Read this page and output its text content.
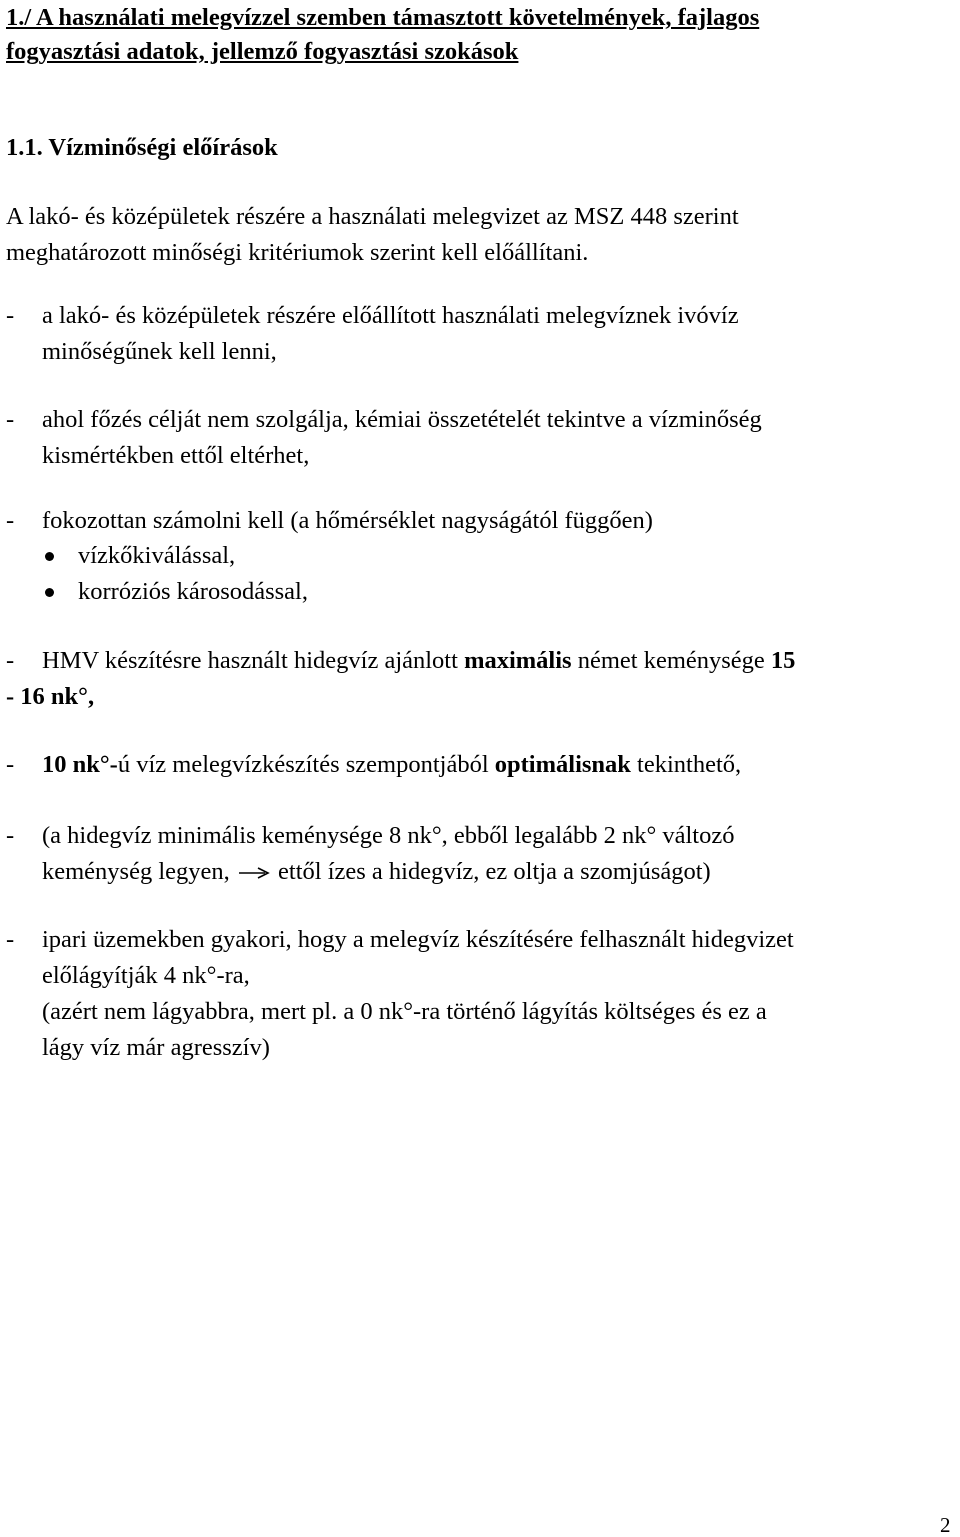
1./ A használati melegvízzel szemben támasztott követelmények, fajlagos
fogyasztási adatok, jellemző fogyasztási szokások
1.1. Vízminőségi előírások
A lakó- és középületek részére a használati melegvizet az MSZ 448 szerint
meghatározott minőségi kritériumok szerint kell előállítani.
- a lakó- és középületek részére előállított használati melegvíznek ivóvíz
minőségűnek kell lenni,
- ahol főzés célját nem szolgálja, kémiai összetételét tekintve a vízminőség
kismértékben ettől eltérhet,
- fokozottan számolni kell (a hőmérséklet nagyságától függően)
vízkőkiválással,
korróziós károsodással,
- HMV készítésre használt hidegvíz ajánlott maximális német keménysége 15
- 16 nk°,
- 10 nk°-ú víz melegvízkészítés szempontjából optimálisnak tekinthető,
- (a hidegvíz minimális keménysége 8 nk°, ebből legalább 2 nk° változó
keménység legyen,  ettől ízes a hidegvíz, ez oltja a szomjúságot)
- ipari üzemekben gyakori, hogy a melegvíz készítésére felhasznált hidegvizet
előlágyítják 4 nk°-ra,
(azért nem lágyabbra, mert pl. a 0 nk°-ra történő lágyítás költséges és ez a
lágy víz már agresszív)
2
